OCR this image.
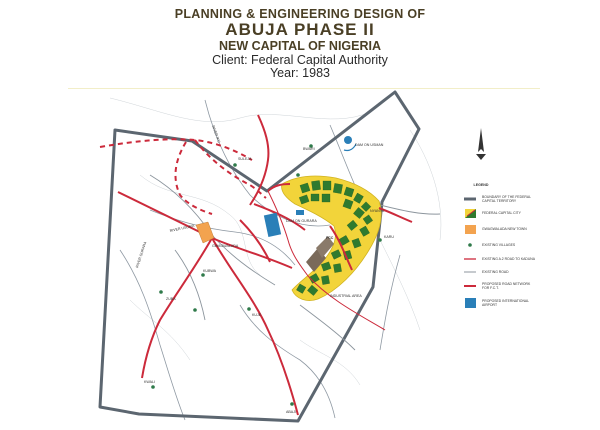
PLANNING & ENGINEERING DESIGN OF
ABUJA PHASE II
NEW CAPITAL OF NIGERIA
Client: Federal Capital Authority
Year: 1983
FCC
GWAGWALADA
SULEJA
KUBWA
KARU
NYANYA
KWALI
BWARI
KUJE
ABAJI
ZUBA
DAM ON GURARA
DAM ON USMAN
INDUSTRIAL AREA
RIVER GURARA
RIVER USUMA
RIVER IKU
LEGEND
BOUNDARY OF THE FEDERAL
CAPITAL TERRITORY
FEDERAL CAPITAL CITY
GWAGWALADA NEW TOWN
EXISTING VILLAGES
EXISTING A.2 ROAD TO KADUNA
EXISTING ROAD
PROPOSED ROAD NETWORK
FOR F.C.T.
PROPOSED INTERNATIONAL
AIRPORT
